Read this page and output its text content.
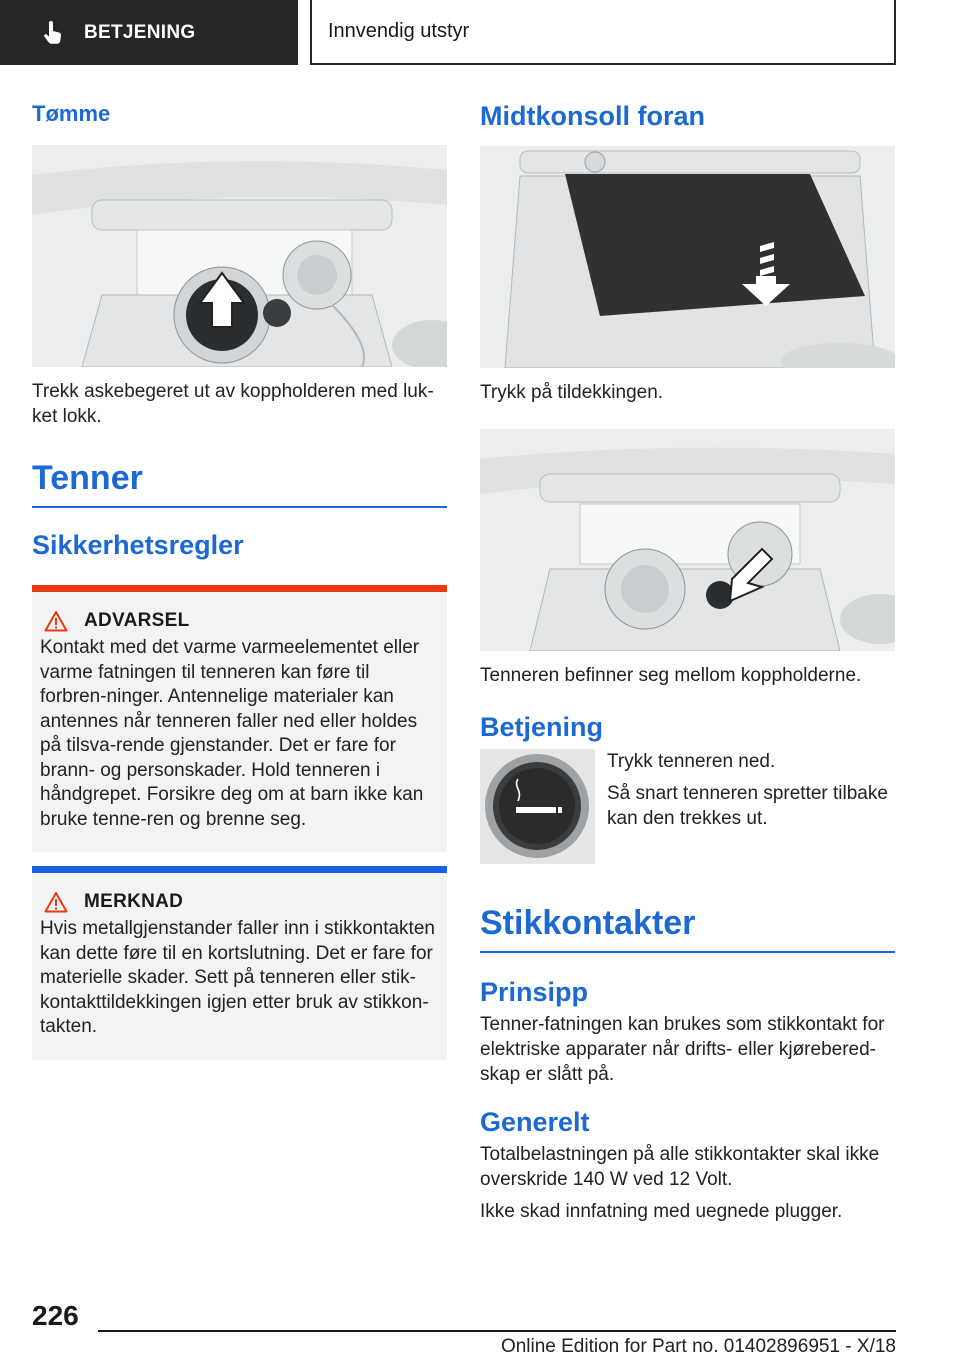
BETJENING	Innvendig utstyr
Tømme

Trekk askebegeret ut av koppholderen med luk-ket lokk.

Tenner
Sikkerhetsregler
ADVARSEL

Kontakt med det varme varmeelementet eller varme fatningen til tenneren kan føre til forbren-ninger. Antennelige materialer kan antennes når tenneren faller ned eller holdes på tilsva-rende gjenstander. Det er fare for brann- og personskader. Hold tenneren i håndgrepet. Forsikre deg om at barn ikke kan bruke tenne-ren og brenne seg.

MERKNAD

Hvis metallgjenstander faller inn i stikkontakten kan dette føre til en kortslutning. Det er fare for materielle skader. Sett på tenneren eller stik-kontakttildekkingen igjen etter bruk av stikkon-takten.

Midtkonsoll foran

Trykk på tildekkingen.

Tenneren befinner seg mellom koppholderne.

Betjening

Trykk tenneren ned.

Så snart tenneren spretter tilbake kan den trekkes ut.

Stikkontakter
Prinsipp

Tenner-fatningen kan brukes som stikkontakt for elektriske apparater når drifts- eller kjørebered-skap er slått på.

Generelt

Totalbelastningen på alle stikkontakter skal ikke overskride 140 W ved 12 Volt.

Ikke skad innfatning med uegnede plugger.

226
Online Edition for Part no. 01402896951 - X/18
